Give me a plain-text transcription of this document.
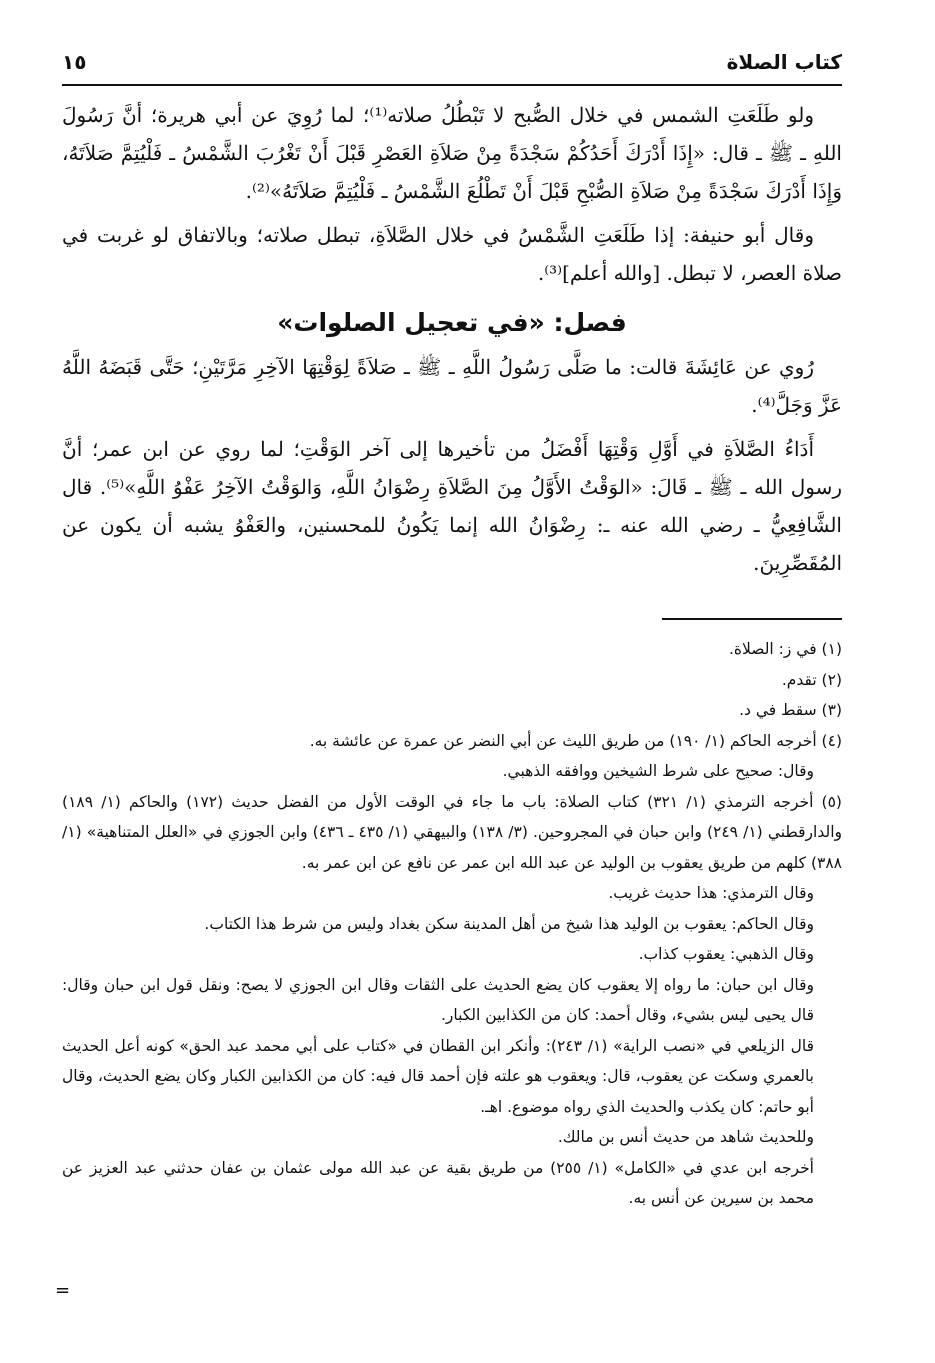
كتاب الصلاة
١٥

ولو طَلَعَتِ الشمس في خلال الصُّبح لا تَبْطُلُ صلاته⁽¹⁾؛ لما رُوِيَ عن أبي هريرة؛ أنَّ رَسُولَ اللهِ ـ ﷺ ـ قال: «إِذَا أَدْرَكَ أَحَدُكُمْ سَجْدَةً مِنْ صَلاَةِ العَصْرِ قَبْلَ أَنْ تَغْرُبَ الشَّمْسُ ـ فَلْيُتِمَّ صَلاَتَهُ، وَإِذَا أَدْرَكَ سَجْدَةً مِنْ صَلاَةِ الصُّبْحِ قَبْلَ أَنْ تَطْلُعَ الشَّمْسُ ـ فَلْيُتِمَّ صَلاَتَهُ»⁽²⁾.

وقال أبو حنيفة: إذا طَلَعَتِ الشَّمْسُ في خلال الصَّلاَةِ، تبطل صلاته؛ وبالاتفاق لو غربت في صلاة العصر، لا تبطل. [والله أعلم]⁽³⁾.

فصل: «في تعجيل الصلوات»

رُوي عن عَائِشَةَ قالت: ما صَلَّى رَسُولُ اللَّهِ ـ ﷺ ـ صَلاَةً لِوَقْتِهَا الآخِرِ مَرَّتَيْنِ؛ حَتَّى قَبَضَهُ اللَّهُ عَزَّ وَجَلَّ⁽⁴⁾.

أَدَاءُ الصَّلاَةِ في أَوَّلِ وَقْتِهَا أَفْضَلُ من تأخيرها إلى آخر الوَقْتِ؛ لما روي عن ابن عمر؛ أنَّ رسول الله ـ ﷺ ـ قَالَ: «الوَقْتُ الأَوَّلُ مِنَ الصَّلاَةِ رِضْوَانُ اللَّهِ، وَالوَقْتُ الآخِرُ عَفْوُ اللَّهِ»⁽⁵⁾. قال الشَّافِعِيُّ ـ رضي الله عنه ـ: رِضْوَانُ الله إنما يَكُونُ للمحسنين، والعَفْوُ يشبه أن يكون عن المُقَصِّرِينَ.

(١) في ز: الصلاة.

(٢) تقدم.

(٣) سقط في د.

(٤) أخرجه الحاكم (١/ ١٩٠) من طريق الليث عن أبي النضر عن عمرة عن عائشة به.

وقال: صحيح على شرط الشيخين ووافقه الذهبي.

(٥) أخرجه الترمذي (١/ ٣٢١) كتاب الصلاة: باب ما جاء في الوقت الأول من الفضل حديث (١٧٢) والحاكم (١/ ١٨٩) والدارقطني (١/ ٢٤٩) وابن حبان في المجروحين. (٣/ ١٣٨) والبيهقي (١/ ٤٣٥ ـ ٤٣٦) وابن الجوزي في «العلل المتناهية» (١/ ٣٨٨) كلهم من طريق يعقوب بن الوليد عن عبد الله ابن عمر عن نافع عن ابن عمر به.

وقال الترمذي: هذا حديث غريب.

وقال الحاكم: يعقوب بن الوليد هذا شيخ من أهل المدينة سكن بغداد وليس من شرط هذا الكتاب.

وقال الذهبي: يعقوب كذاب.

وقال ابن حبان: ما رواه إلا يعقوب كان يضع الحديث على الثقات وقال ابن الجوزي لا يصح: ونقل قول ابن حبان وقال: قال يحيى ليس بشيء، وقال أحمد: كان من الكذابين الكبار.

قال الزيلعي في «نصب الراية» (١/ ٢٤٣): وأنكر ابن القطان في «كتاب على أبي محمد عبد الحق» كونه أعل الحديث بالعمري وسكت عن يعقوب، قال: ويعقوب هو علته فإن أحمد قال فيه: كان من الكذابين الكبار وكان يضع الحديث، وقال أبو حاتم: كان يكذب والحديث الذي رواه موضوع. اهـ.

وللحديث شاهد من حديث أنس بن مالك.

أخرجه ابن عدي في «الكامل» (١/ ٢٥٥) من طريق بقية عن عبد الله مولى عثمان بن عفان حدثني عبد العزيز عن محمد بن سيرين عن أنس به.

=
